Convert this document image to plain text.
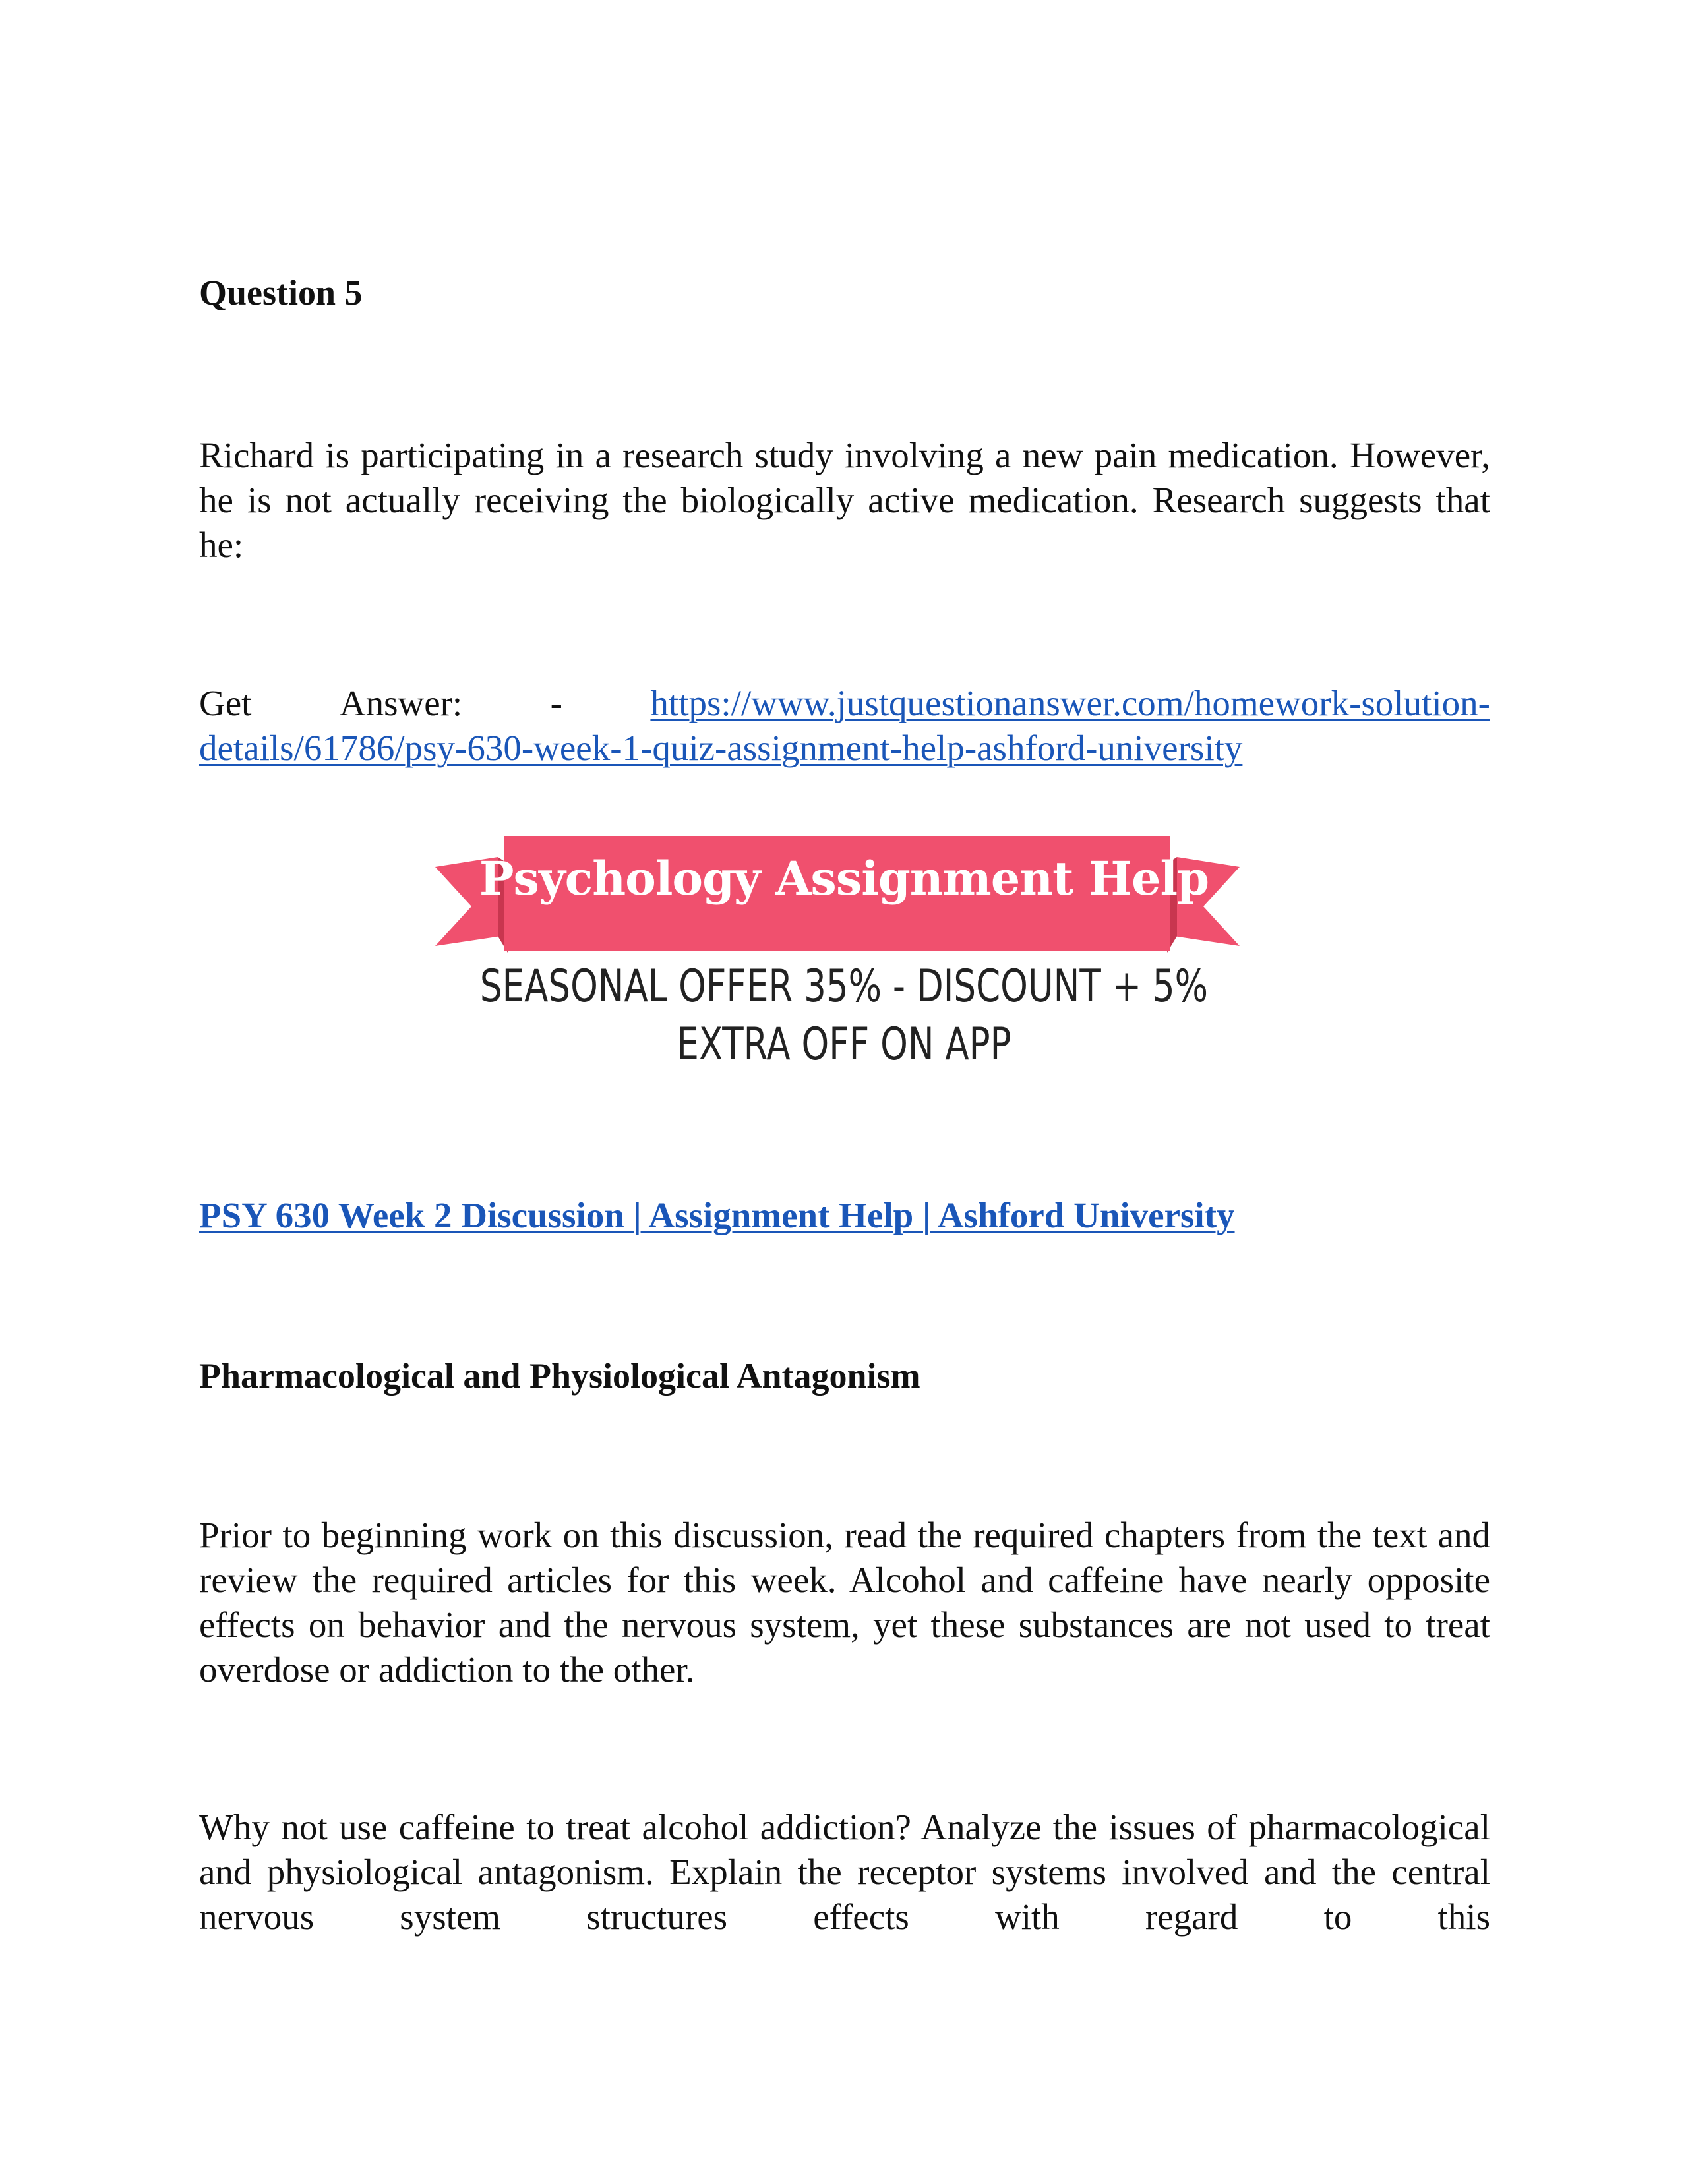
Question 5
Richard is participating in a research study involving a new pain medication. However, he is not actually receiving the biologically active medication. Research suggests that he:
Get Answer: - https://www.justquestionanswer.com/homework-solution-
details/61786/psy-630-week-1-quiz-assignment-help-ashford-university
Psychology Assignment Help
SEASONAL OFFER 35% - DISCOUNT + 5%
EXTRA OFF ON APP
PSY 630 Week 2 Discussion | Assignment Help | Ashford University
Pharmacological and Physiological Antagonism
Prior to beginning work on this discussion, read the required chapters from the text and review the required articles for this week. Alcohol and caffeine have nearly opposite effects on behavior and the nervous system, yet these substances are not used to treat overdose or addiction to the other.
Why not use caffeine to treat alcohol addiction? Analyze the issues of pharmacological and physiological antagonism. Explain the receptor systems involved and the central nervous system structures effects with regard to this
